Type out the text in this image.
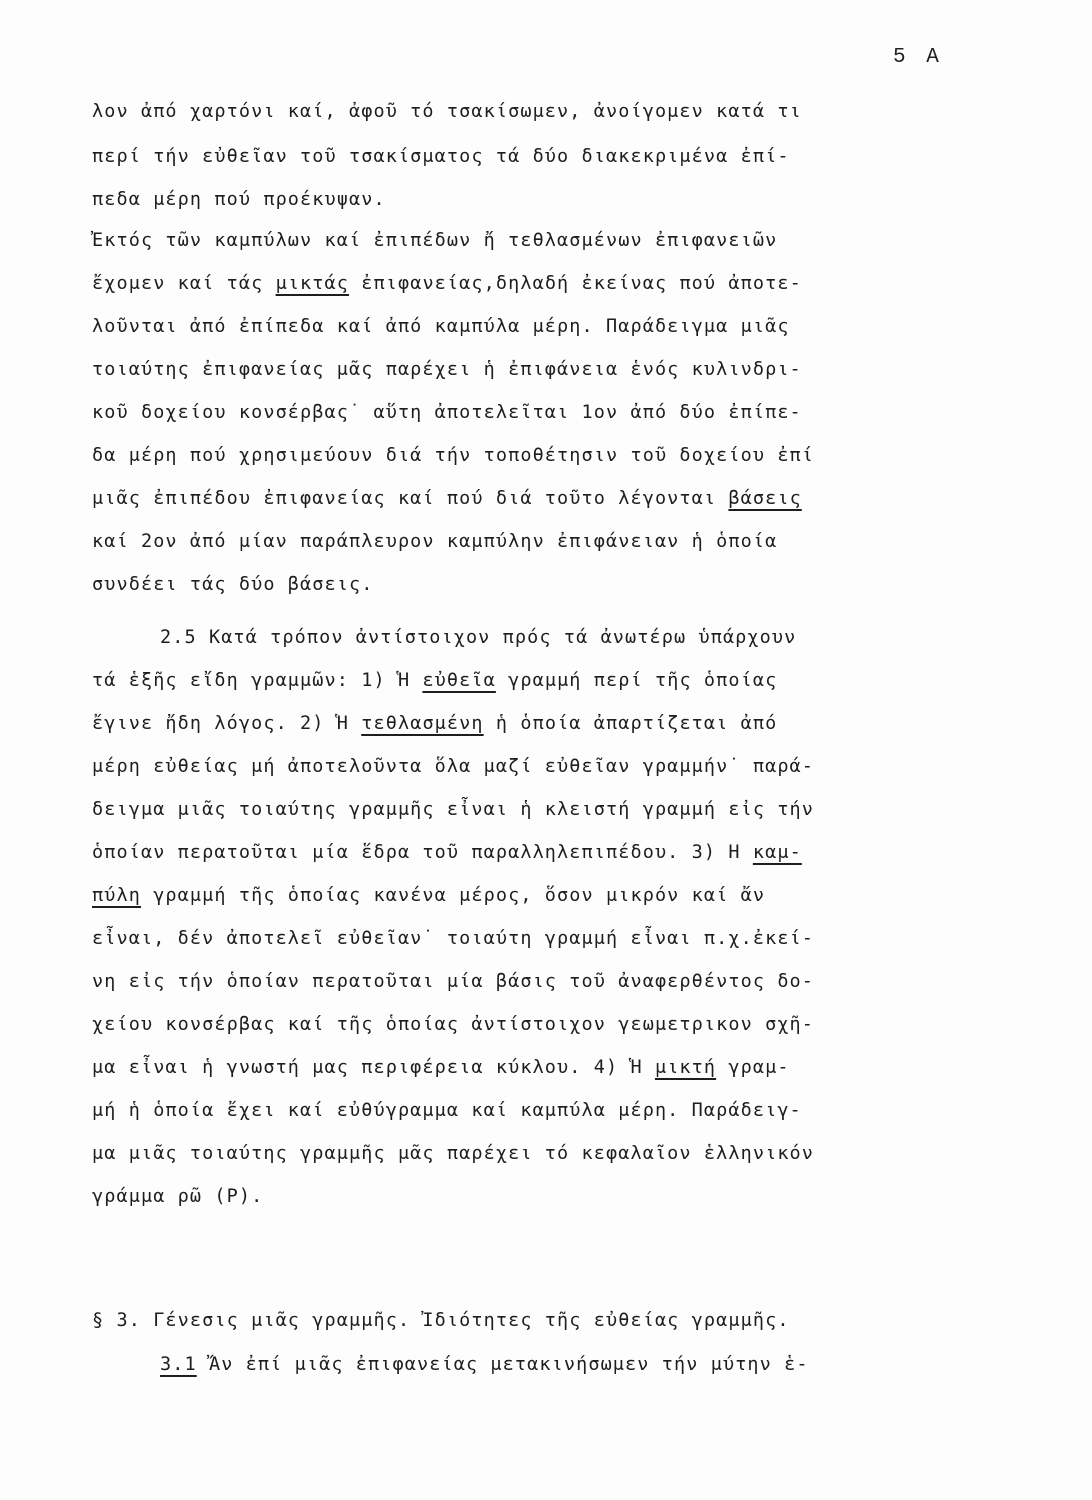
5 Α
λον ἀπό χαρτόνι καί, ἀφοῦ τό τσακίσωμεν, ἀνοίγομεν κατά τι
περί τήν εὐθεῖαν τοῦ τσακίσματος τά δύο διακεκριμένα ἐπί-
πεδα μέρη πού προέκυψαν.
Ἐκτός τῶν καμπύλων καί ἐπιπέδων ἤ τεθλασμένων ἐπιφανειῶν
ἔχομεν καί τάς μικτάς ἐπιφανείας,δηλαδή ἐκείνας πού ἀποτε-
λοῦνται ἀπό ἐπίπεδα καί ἀπό καμπύλα μέρη. Παράδειγμα μιᾶς
τοιαύτης ἐπιφανείας μᾶς παρέχει ἡ ἐπιφάνεια ἑνός κυλινδρι-
κοῦ δοχείου κονσέρβας˙ αὕτη ἀποτελεῖται 1ον ἀπό δύο ἐπίπε-
δα μέρη πού χρησιμεύουν διά τήν τοποθέτησιν τοῦ δοχείου ἐπί
μιᾶς ἐπιπέδου ἐπιφανείας καί πού διά τοῦτο λέγονται βάσεις
καί 2ον ἀπό μίαν παράπλευρον καμπύλην ἐπιφάνειαν ἡ ὁποία
συνδέει τάς δύο βάσεις.
2.5 Κατά τρόπον ἀντίστοιχον πρός τά ἀνωτέρω ὑπάρχουν
τά ἑξῆς εἴδη γραμμῶν: 1) Ἡ εὐθεῖα γραμμή περί τῆς ὁποίας
ἔγινε ἤδη λόγος. 2) Ἡ τεθλασμένη ἡ ὁποία ἀπαρτίζεται ἀπό
μέρη εὐθείας μή ἀποτελοῦντα ὅλα μαζί εὐθεῖαν γραμμήν˙ παρά-
δειγμα μιᾶς τοιαύτης γραμμῆς εἶναι ἡ κλειστή γραμμή εἰς τήν
ὁποίαν περατοῦται μία ἕδρα τοῦ παραλληλεπιπέδου. 3) Η καμ-
πύλη γραμμή τῆς ὁποίας κανένα μέρος, ὅσον μικρόν καί ἄν
εἶναι, δέν ἀποτελεῖ εὐθεῖαν˙ τοιαύτη γραμμή εἶναι π.χ.ἐκεί-
νη εἰς τήν ὁποίαν περατοῦται μία βάσις τοῦ ἀναφερθέντος δο-
χείου κονσέρβας καί τῆς ὁποίας ἀντίστοιχον γεωμετρικον σχῆ-
μα εἶναι ἡ γνωστή μας περιφέρεια κύκλου. 4) Ἡ μικτή γραμ-
μή ἡ ὁποία ἔχει καί εὐθύγραμμα καί καμπύλα μέρη. Παράδειγ-
μα μιᾶς τοιαύτης γραμμῆς μᾶς παρέχει τό κεφαλαῖον ἑλληνικόν
γράμμα ρῶ (Ρ).
§ 3. Γένεσις μιᾶς γραμμῆς. Ἰδιότητες τῆς εὐθείας γραμμῆς.
3.1 Ἄν ἐπί μιᾶς ἐπιφανείας μετακινήσωμεν τήν μύτην ἑ-
